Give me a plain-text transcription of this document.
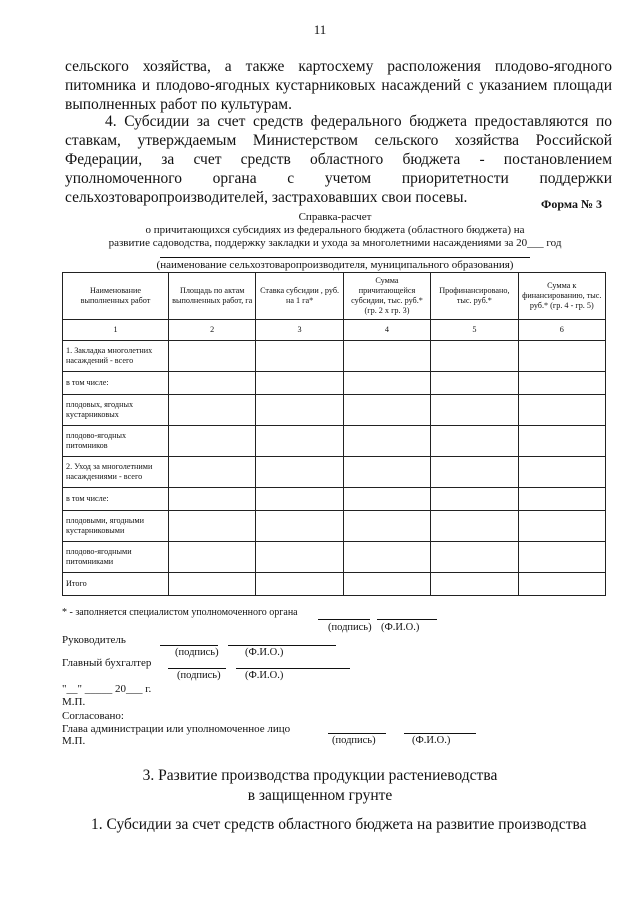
11

сельского хозяйства, а также картосхему расположения плодово-ягодного питомника и плодово-ягодных кустарниковых насаждений с указанием площади выполненных работ по культурам.

4. Субсидии за счет средств федерального бюджета предоставляются по ставкам, утверждаемым Министерством сельского хозяйства Российской Федерации, за счет средств областного бюджета - постановлением уполномоченного органа с учетом приоритетности поддержки сельхозтоваропроизводителей, застраховавших свои посевы.	Форма № 3
Справка-расчет
о причитающихся субсидиях из федерального бюджета (областного бюджета) на
развитие садоводства, поддержку закладки и ухода за многолетними насаждениями за 20___ год
(наименование сельхозтоваропроизводителя, муниципального образования)
Наименование выполненных работ	Площадь по актам выполненных работ, га	Ставка субсидии , руб. на 1 га*	Сумма причитающейся субсидии, тыс. руб.* (гр. 2 х гр. 3)	Профинансировано, тыс. руб.*	Сумма к финансированию, тыс. руб.* (гр. 4 - гр. 5)
1	2	3	4	5	6
1. Закладка многолетних насаждений - всего					
в том числе:					
плодовых, ягодных кустарниковых					
плодово-ягодных питомников					
2. Уход за многолетними насаждениями - всего					
в том числе:					
плодовыми, ягодными кустарниковыми					
плодово-ягодными питомниками					
Итого					
* - заполняется специалистом уполномоченного органа
(подпись) (Ф.И.О.)
Руководитель
(подпись)	(Ф.И.О.)
Главный бухгалтер
(подпись) (Ф.И.О.)
"__" _____ 20___ г.
М.П.
Согласовано:
Глава администрации или уполномоченное лицо
М.П.	(подпись)	(Ф.И.О.)
3. Развитие производства продукции растениеводства
в защищенном грунте

1. Субсидии за счет средств областного бюджета на развитие производства
